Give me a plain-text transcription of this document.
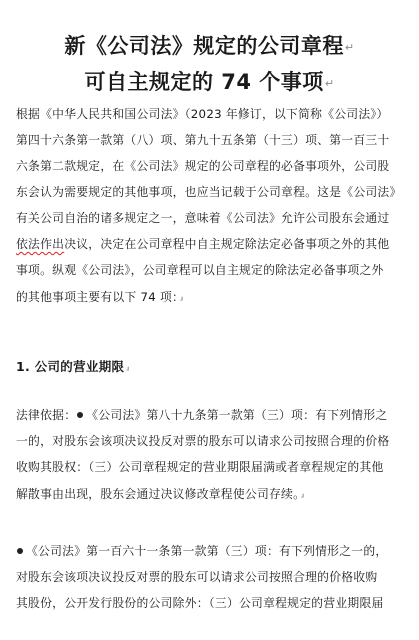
新《公司法》规定的公司章程↵
可自主规定的 74 个事项↵
根据《中华人民共和国公司法》（2023 年修订，以下简称《公司法》）
第四十六条第一款第（八）项、第九十五条第（十三）项、第一百三十
六条第二款规定，在《公司法》规定的公司章程的必备事项外，公司股
东会认为需要规定的其他事项，也应当记载于公司章程。这是《公司法》
有关公司自治的诸多规定之一，意味着《公司法》允许公司股东会通过
依法作出决议，决定在公司章程中自主规定除法定必备事项之外的其他
事项。纵观《公司法》，公司章程可以自主规定的除法定必备事项之外
的其他事项主要有以下 74 项：⸥
1. 公司的营业期限⸥
法律依据： 《公司法》第八十九条第一款第（三）项：有下列情形之
一的，对股东会该项决议投反对票的股东可以请求公司按照合理的价格
收购其股权：（三）公司章程规定的营业期限届满或者章程规定的其他
解散事由出现，股东会通过决议修改章程使公司存续。⸥
《公司法》第一百六十一条第一款第（三）项：有下列情形之一的，
对股东会该项决议投反对票的股东可以请求公司按照合理的价格收购
其股份，公开发行股份的公司除外：（三）公司章程规定的营业期限届
